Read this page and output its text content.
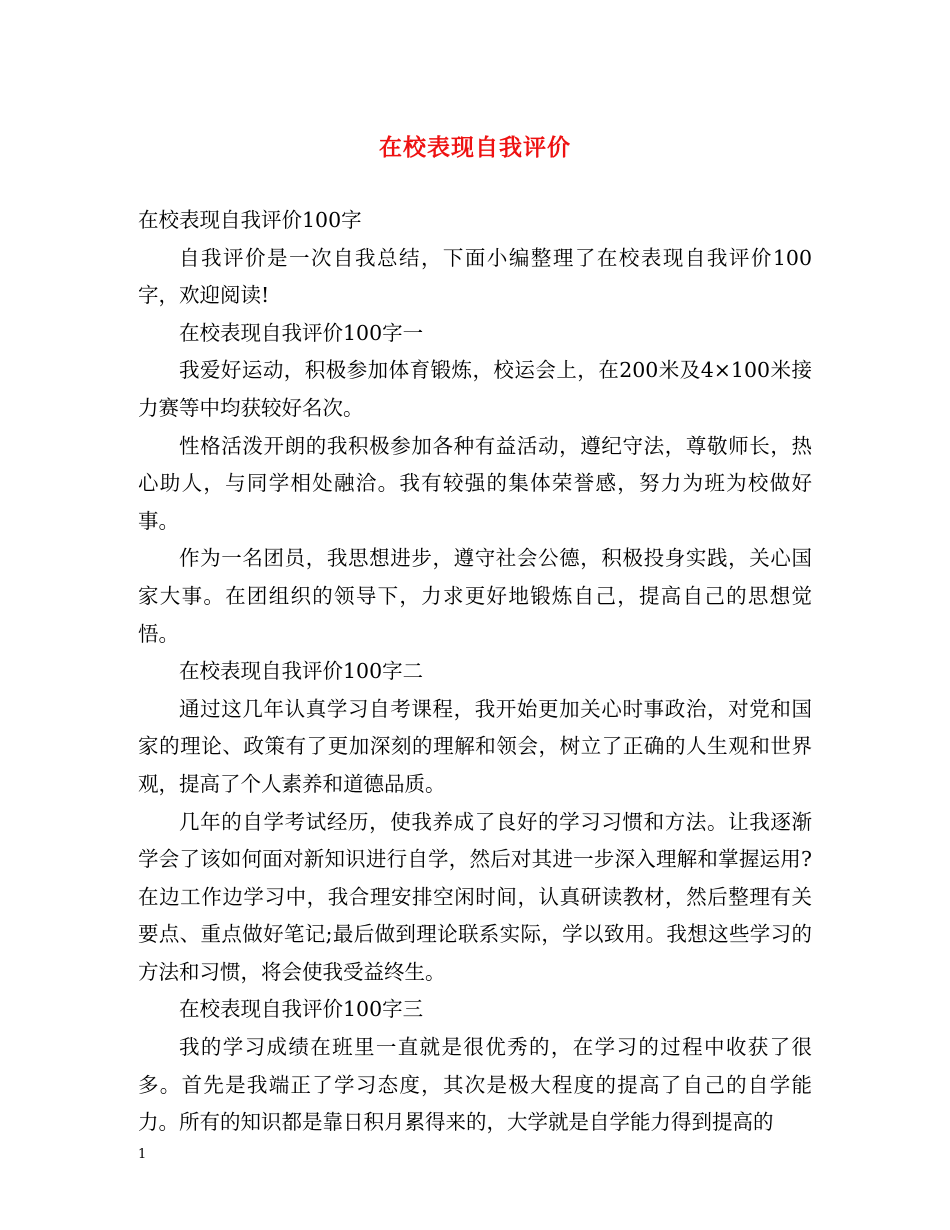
在校表现自我评价

在校表现自我评价100字

自我评价是一次自我总结，下面小编整理了在校表现自我评价100字，欢迎阅读!

在校表现自我评价100字一

我爱好运动，积极参加体育锻炼，校运会上，在200米及4×100米接力赛等中均获较好名次。

性格活泼开朗的我积极参加各种有益活动，遵纪守法，尊敬师长，热心助人，与同学相处融洽。我有较强的集体荣誉感，努力为班为校做好事。

作为一名团员，我思想进步，遵守社会公德，积极投身实践，关心国家大事。在团组织的领导下，力求更好地锻炼自己，提高自己的思想觉悟。

在校表现自我评价100字二

通过这几年认真学习自考课程，我开始更加关心时事政治，对党和国家的理论、政策有了更加深刻的理解和领会，树立了正确的人生观和世界观，提高了个人素养和道德品质。

几年的自学考试经历，使我养成了良好的学习习惯和方法。让我逐渐学会了该如何面对新知识进行自学，然后对其进一步深入理解和掌握运用?在边工作边学习中，我合理安排空闲时间，认真研读教材，然后整理有关要点、重点做好笔记;最后做到理论联系实际，学以致用。我想这些学习的方法和习惯，将会使我受益终生。

在校表现自我评价100字三

我的学习成绩在班里一直就是很优秀的，在学习的过程中收获了很多。首先是我端正了学习态度，其次是极大程度的提高了自己的自学能力。所有的知识都是靠日积月累得来的，大学就是自学能力得到提高的

1
